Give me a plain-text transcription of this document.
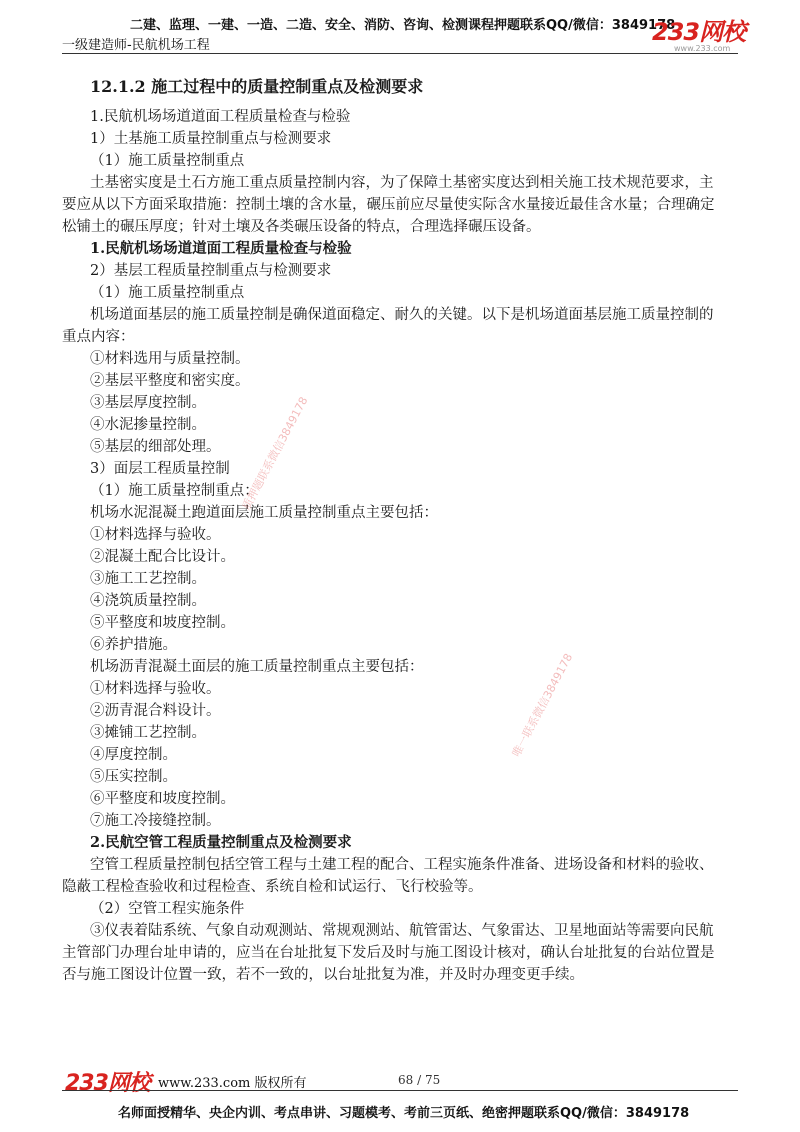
二建、监理、一建、一造、二造、安全、消防、咨询、检测课程押题联系QQ/微信：3849178
一级建造师-民航机场工程	233网校
www.233.com
12.1.2 施工过程中的质量控制重点及检测要求
1.民航机场场道道面工程质量检查与检验
1）土基施工质量控制重点与检测要求
（1）施工质量控制重点
土基密实度是土石方施工重点质量控制内容，为了保障土基密实度达到相关施工技术规范要求，主
要应从以下方面采取措施：控制土壤的含水量，碾压前应尽量使实际含水量接近最佳含水量；合理确定
松铺土的碾压厚度；针对土壤及各类碾压设备的特点，合理选择碾压设备。
1.民航机场场道道面工程质量检查与检验
2）基层工程质量控制重点与检测要求
（1）施工质量控制重点
机场道面基层的施工质量控制是确保道面稳定、耐久的关键。以下是机场道面基层施工质量控制的
重点内容：
①材料选用与质量控制。
②基层平整度和密实度。
③基层厚度控制。
④水泥掺量控制。
⑤基层的细部处理。
3）面层工程质量控制
（1）施工质量控制重点：
机场水泥混凝土跑道面层施工质量控制重点主要包括：
①材料选择与验收。
②混凝土配合比设计。
③施工工艺控制。
④浇筑质量控制。
⑤平整度和坡度控制。
⑥养护措施。
机场沥青混凝土面层的施工质量控制重点主要包括：
①材料选择与验收。
②沥青混合料设计。
③摊铺工艺控制。
④厚度控制。
⑤压实控制。
⑥平整度和坡度控制。
⑦施工冷接缝控制。
2.民航空管工程质量控制重点及检测要求
空管工程质量控制包括空管工程与土建工程的配合、工程实施条件准备、进场设备和材料的验收、
隐蔽工程检查验收和过程检查、系统自检和试运行、飞行校验等。
（2）空管工程实施条件
③仪表着陆系统、气象自动观测站、常规观测站、航管雷达、气象雷达、卫星地面站等需要向民航
主管部门办理台址申请的，应当在台址批复下发后及时与施工图设计核对，确认台址批复的台站位置是
否与施工图设计位置一致，若不一致的，以台址批复为准，并及时办理变更手续。
质押题联系微信3849178
唯一联系微信3849178
233网校 www.233.com 版权所有	68 / 75
名师面授精华、央企内训、考点串讲、习题模考、考前三页纸、绝密押题联系QQ/微信：3849178
